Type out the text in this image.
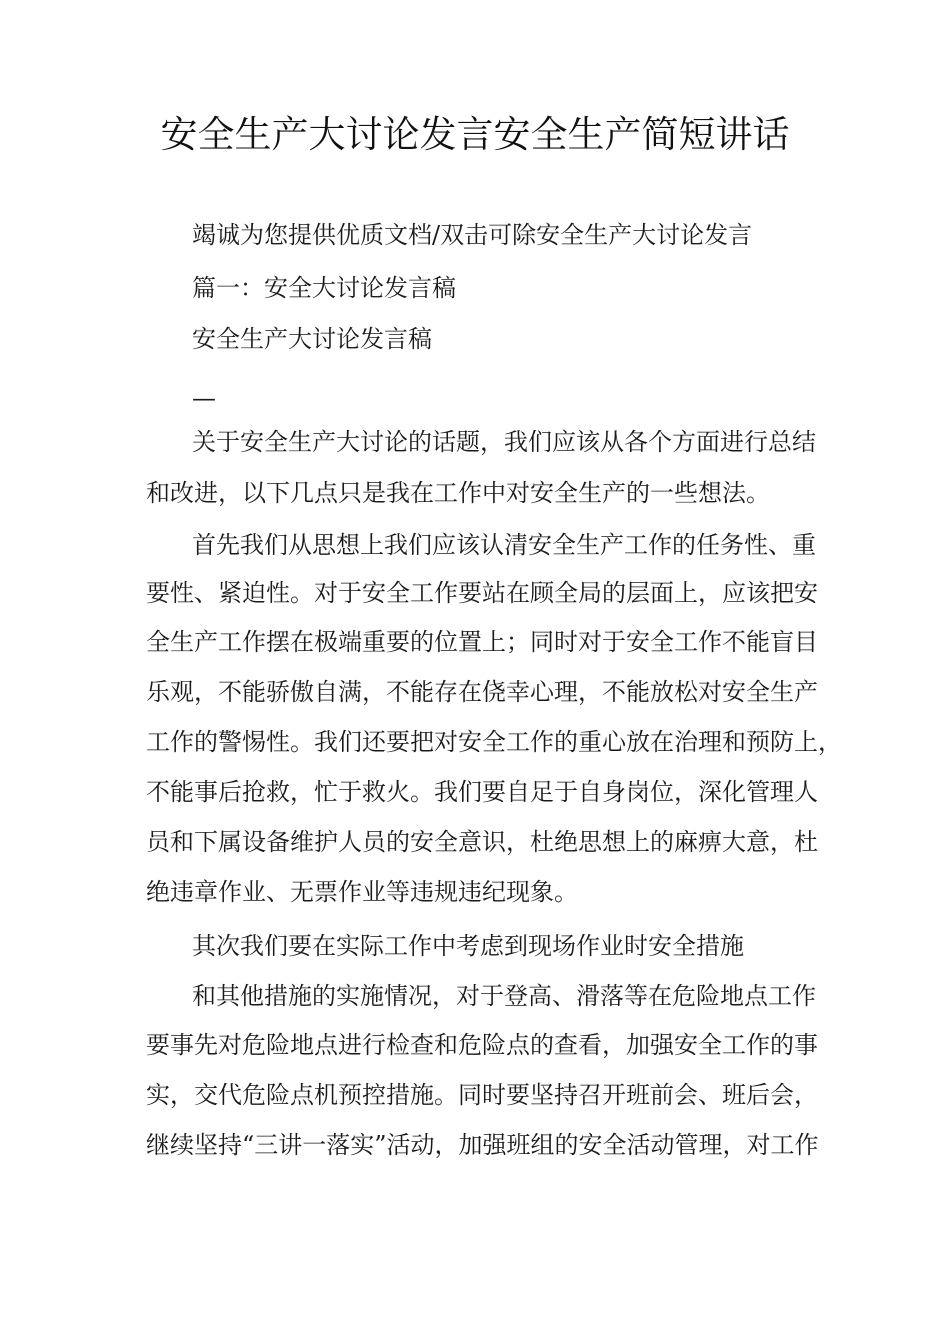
安全生产大讨论发言安全生产简短讲话
竭诚为您提供优质文档/双击可除安全生产大讨论发言
篇一：安全大讨论发言稿
安全生产大讨论发言稿
—
关于安全生产大讨论的话题，我们应该从各个方面进行总结
和改进，以下几点只是我在工作中对安全生产的一些想法。
首先我们从思想上我们应该认清安全生产工作的任务性、重
要性、紧迫性。对于安全工作要站在顾全局的层面上，应该把安
全生产工作摆在极端重要的位置上；同时对于安全工作不能盲目
乐观，不能骄傲自满，不能存在侥幸心理，不能放松对安全生产
工作的警惕性。我们还要把对安全工作的重心放在治理和预防上，
不能事后抢救，忙于救火。我们要自足于自身岗位，深化管理人
员和下属设备维护人员的安全意识，杜绝思想上的麻痹大意，杜
绝违章作业、无票作业等违规违纪现象。
其次我们要在实际工作中考虑到现场作业时安全措施
和其他措施的实施情况，对于登高、滑落等在危险地点工作
要事先对危险地点进行检查和危险点的查看，加强安全工作的事
实，交代危险点机预控措施。同时要坚持召开班前会、班后会，
继续坚持“三讲一落实”活动，加强班组的安全活动管理，对工作
